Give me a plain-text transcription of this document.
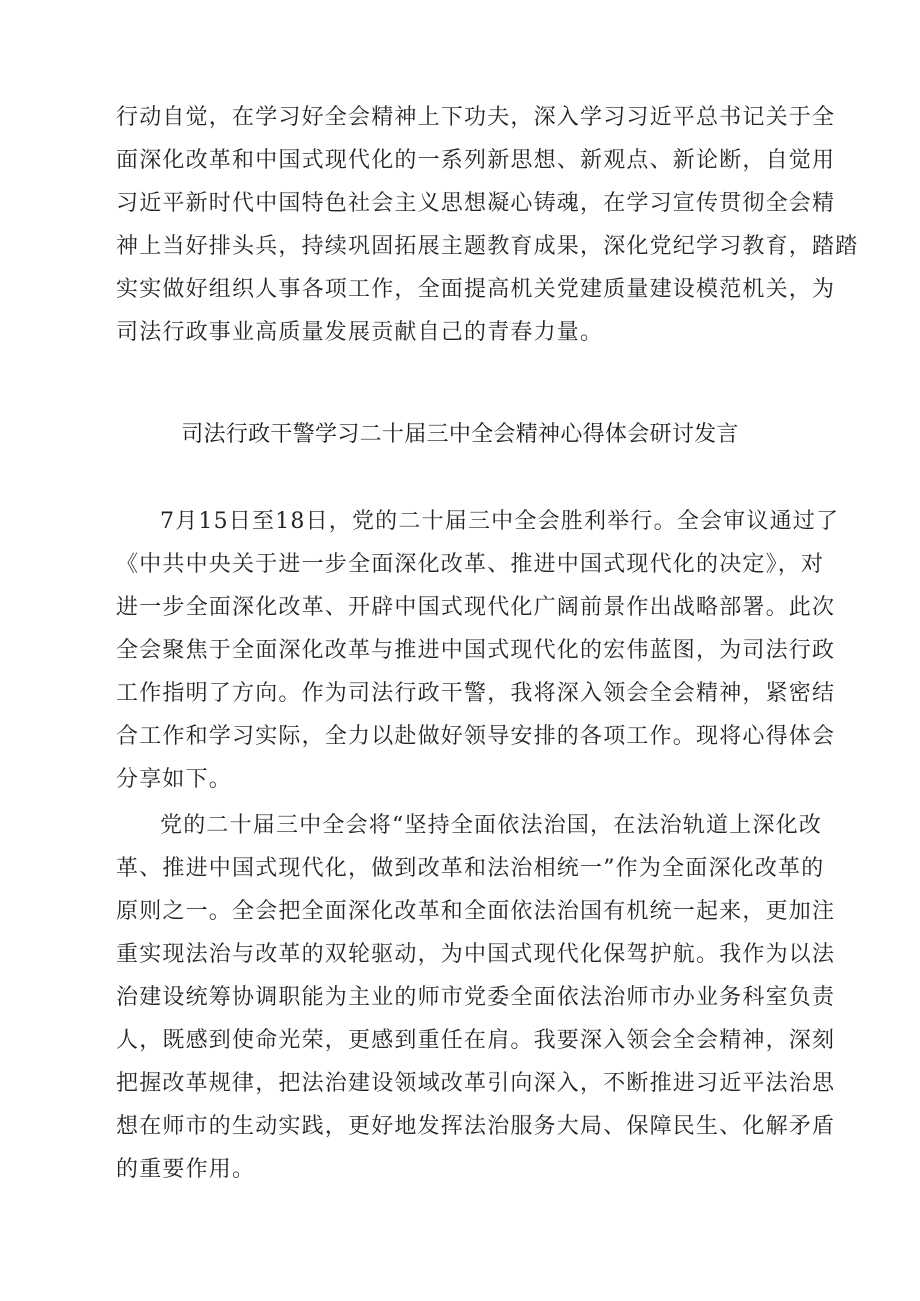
行动自觉，在学习好全会精神上下功夫，深入学习习近平总书记关于全
面深化改革和中国式现代化的一系列新思想、新观点、新论断，自觉用
习近平新时代中国特色社会主义思想凝心铸魂，在学习宣传贯彻全会精
神上当好排头兵，持续巩固拓展主题教育成果，深化党纪学习教育，踏踏
实实做好组织人事各项工作，全面提高机关党建质量建设模范机关，为
司法行政事业高质量发展贡献自己的青春力量。
司法行政干警学习二十届三中全会精神心得体会研讨发言
7月15日至18日，党的二十届三中全会胜利举行。全会审议通过了
《中共中央关于进一步全面深化改革、推进中国式现代化的决定》，对
进一步全面深化改革、开辟中国式现代化广阔前景作出战略部署。此次
全会聚焦于全面深化改革与推进中国式现代化的宏伟蓝图，为司法行政
工作指明了方向。作为司法行政干警，我将深入领会全会精神，紧密结
合工作和学习实际，全力以赴做好领导安排的各项工作。现将心得体会
分享如下。
党的二十届三中全会将“坚持全面依法治国，在法治轨道上深化改
革、推进中国式现代化，做到改革和法治相统一”作为全面深化改革的
原则之一。全会把全面深化改革和全面依法治国有机统一起来，更加注
重实现法治与改革的双轮驱动，为中国式现代化保驾护航。我作为以法
治建设统筹协调职能为主业的师市党委全面依法治师市办业务科室负责
人，既感到使命光荣，更感到重任在肩。我要深入领会全会精神，深刻
把握改革规律，把法治建设领域改革引向深入，不断推进习近平法治思
想在师市的生动实践，更好地发挥法治服务大局、保障民生、化解矛盾
的重要作用。
